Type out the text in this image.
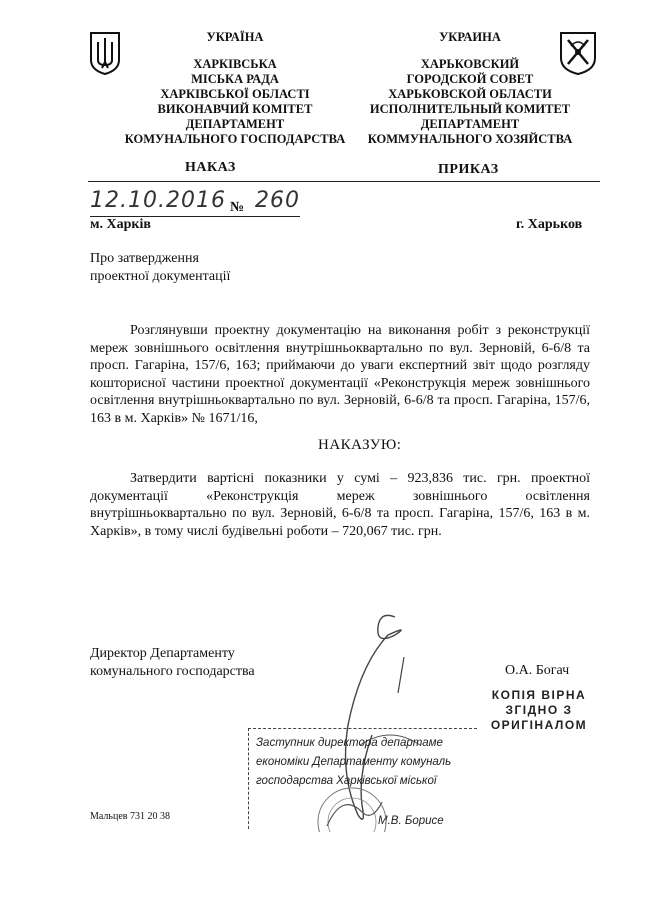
УКРАЇНА
ХАРКІВСЬКА
МІСЬКА РАДА
ХАРКІВСЬКОЇ ОБЛАСТІ
ВИКОНАВЧИЙ КОМІТЕТ
ДЕПАРТАМЕНТ
КОМУНАЛЬНОГО ГОСПОДАРСТВА
УКРАИНА
ХАРЬКОВСКИЙ
ГОРОДСКОЙ СОВЕТ
ХАРЬКОВСКОЙ ОБЛАСТИ
ИСПОЛНИТЕЛЬНЫЙ КОМИТЕТ
ДЕПАРТАМЕНТ
КОММУНАЛЬНОГО ХОЗЯЙСТВА
НАКАЗ	ПРИКАЗ
12.10.2016 № 260
м. Харків	г. Харьков
Про затвердження
проектної документації
Розглянувши проектну документацію на виконання робіт з реконструкції мереж зовнішнього освітлення внутрішньоквартально по вул. Зерновій, 6-6/8 та просп. Гагаріна, 157/6, 163; приймаючи до уваги експертний звіт щодо розгляду кошторисної частини проектної документації «Реконструкція мереж зовнішнього освітлення внутрішньоквартально по вул. Зерновій, 6-6/8 та просп. Гагаріна, 157/6, 163 в м. Харків» № 1671/16,
НАКАЗУЮ:
Затвердити вартісні показники у сумі – 923,836 тис. грн. проектної документації «Реконструкція мереж зовнішнього освітлення внутрішньоквартально по вул. Зерновій, 6-6/8 та просп. Гагаріна, 157/6, 163 в м. Харків», в тому числі будівельні роботи – 720,067 тис. грн.
Директор Департаменту
комунального господарства	О.А. Богач
КОПІЯ ВІРНА
ЗГІДНО З
ОРИГІНАЛОМ
Заступник директора департаме
економіки Департаменту комуналь
господарства Харківської міської
М.В. Борисе
Мальцев 731 20 38
